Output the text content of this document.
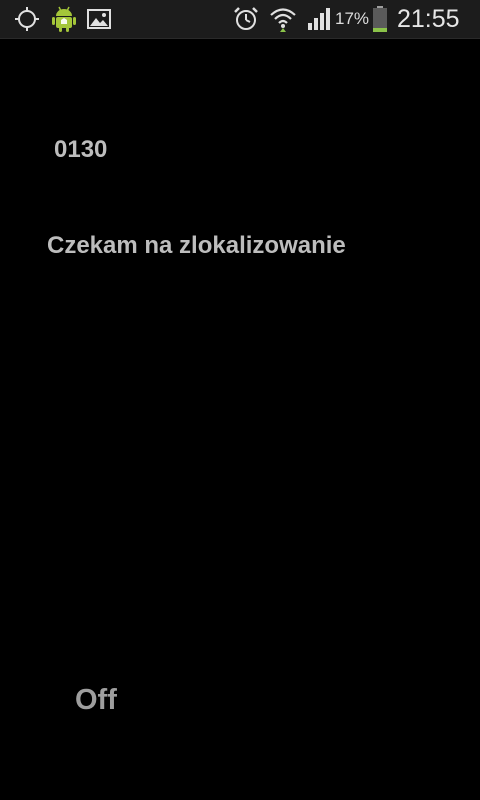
17% 21:55
0130
Czekam na zlokalizowanie
Off
